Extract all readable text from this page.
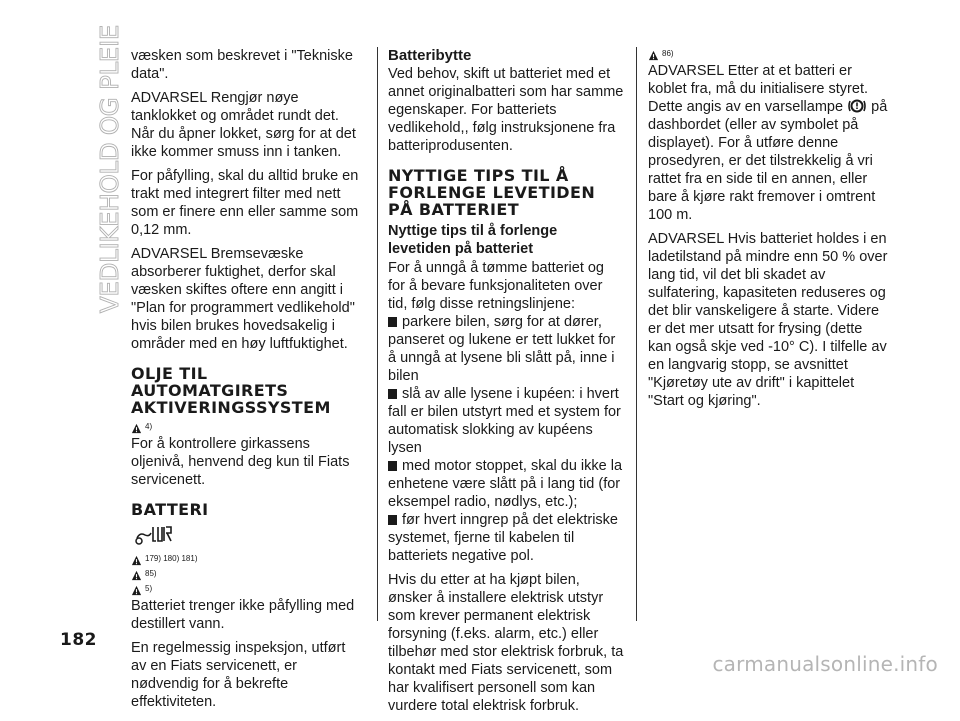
VEDLIKEHOLD OG PLEIE
182

væsken som beskrevet i "Tekniske data".

ADVARSEL Rengjør nøye tanklokket og området rundt det. Når du åpner lokket, sørg for at det ikke kommer smuss inn i tanken.

For påfylling, skal du alltid bruke en trakt med integrert filter med nett som er finere enn eller samme som 0,12 mm.

ADVARSEL Bremsevæske absorberer fuktighet, derfor skal væsken skiftes oftere enn angitt i "Plan for programmert vedlikehold" hvis bilen brukes hovedsakelig i områder med en høy luftfuktighet.

OLJE TIL AUTOMATGIRETS AKTIVERINGSSYSTEM
4)

For å kontrollere girkassens oljenivå, henvend deg kun til Fiats servicenett.

BATTERI
179) 180) 181)
85)
5)

Batteriet trenger ikke påfylling med destillert vann.

En regelmessig inspeksjon, utført av en Fiats servicenett, er nødvendig for å bekrefte effektiviteten.

Batteribytte

Ved behov, skift ut batteriet med et annet originalbatteri som har samme egenskaper. For batteriets vedlikehold,, følg instruksjonene fra batteriprodusenten.

NYTTIGE TIPS TIL Å FORLENGE LEVETIDEN PÅ BATTERIET
Nyttige tips til å forlenge levetiden på batteriet

For å unngå å tømme batteriet og for å bevare funksjonaliteten over tid, følg disse retningslinjene:

parkere bilen, sørg for at dører, panseret og lukene er tett lukket for å unngå at lysene bli slått på, inne i bilen
slå av alle lysene i kupéen: i hvert fall er bilen utstyrt med et system for automatisk slokking av kupéens lysen
med motor stoppet, skal du ikke la enhetene være slått på i lang tid (for eksempel radio, nødlys, etc.);
før hvert inngrep på det elektriske systemet, fjerne til kabelen til batteriets negative pol.

Hvis du etter at ha kjøpt bilen, ønsker å installere elektrisk utstyr som krever permanent elektrisk forsyning (f.eks. alarm, etc.) eller tilbehør med stor elektrisk forbruk, ta kontakt med Fiats servicenett, som har kvalifisert personell som kan vurdere total elektrisk forbruk.

86)

ADVARSEL Etter at et batteri er koblet fra, må du initialisere styret. Dette angis av en varsellampe på dashbordet (eller av symbolet på displayet). For å utføre denne prosedyren, er det tilstrekkelig å vri rattet fra en side til en annen, eller bare å kjøre rakt fremover i omtrent 100 m.

ADVARSEL Hvis batteriet holdes i en ladetilstand på mindre enn 50 % over lang tid, vil det bli skadet av sulfatering, kapasiteten reduseres og det blir vanskeligere å starte. Videre er det mer utsatt for frysing (dette kan også skje ved -10° C). I tilfelle av en langvarig stopp, se avsnittet "Kjøretøy ute av drift" i kapittelet "Start og kjøring".

carmanualsonline.info
